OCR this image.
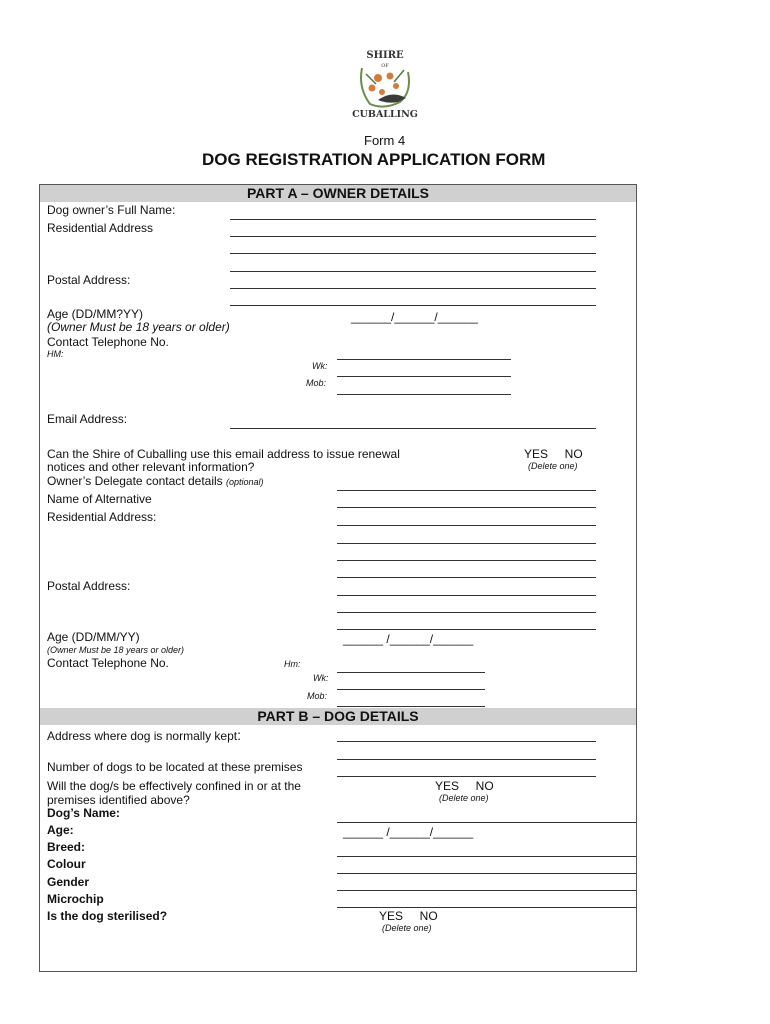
SHIRE
OF
CUBALLING
Form 4
DOG REGISTRATION APPLICATION FORM
PART A – OWNER DETAILS
Dog owner’s Full Name:
Residential Address
Postal Address:
Age (DD/MM?YY)	______/______/______
(Owner Must be 18 years or older)
Contact Telephone No.
HM:
Wk:
Mob:
Email Address:
Can the Shire of Cuballing use this email address to issue renewal
notices and other relevant information?
YES     NO
(Delete one)
Owner’s Delegate contact details (optional)
Name of Alternative
Residential Address:
Postal Address:
Age (DD/MM/YY)	______ /______/______
(Owner Must be 18 years or older)
Contact Telephone No.	Hm:
Wk:
Mob:
PART B – DOG DETAILS
Address where dog is normally kept:
Number of dogs to be located at these premises
Will the dog/s be effectively confined in or at the
premises identified above?
YES     NO
(Delete one)
Dog’s Name:
Age:	______ /______/______
Breed:
Colour
Gender
Microchip
Is the dog sterilised?	YES     NO
(Delete one)
